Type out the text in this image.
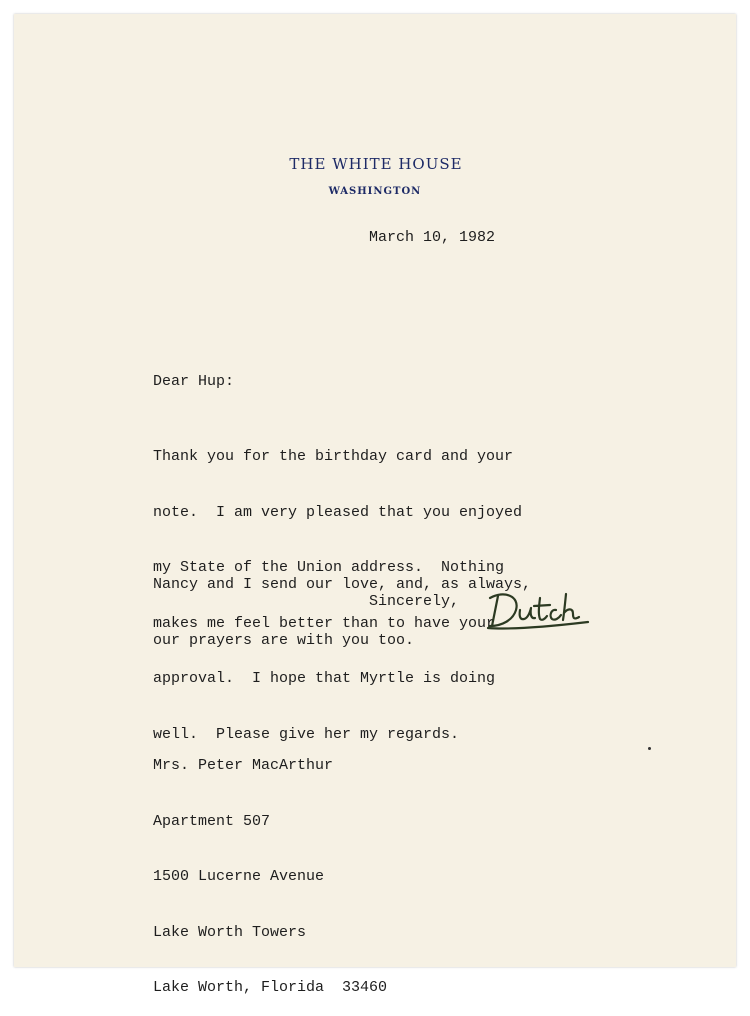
THE WHITE HOUSE
WASHINGTON
March 10, 1982
Dear Hup:

Thank you for the birthday card and your

note.  I am very pleased that you enjoyed

my State of the Union address.  Nothing

makes me feel better than to have your

approval.  I hope that Myrtle is doing

well.  Please give her my regards.

Nancy and I send our love, and, as always,

our prayers are with you too.

Sincerely,

Mrs. Peter MacArthur

Apartment 507

1500 Lucerne Avenue

Lake Worth Towers

Lake Worth, Florida  33460
